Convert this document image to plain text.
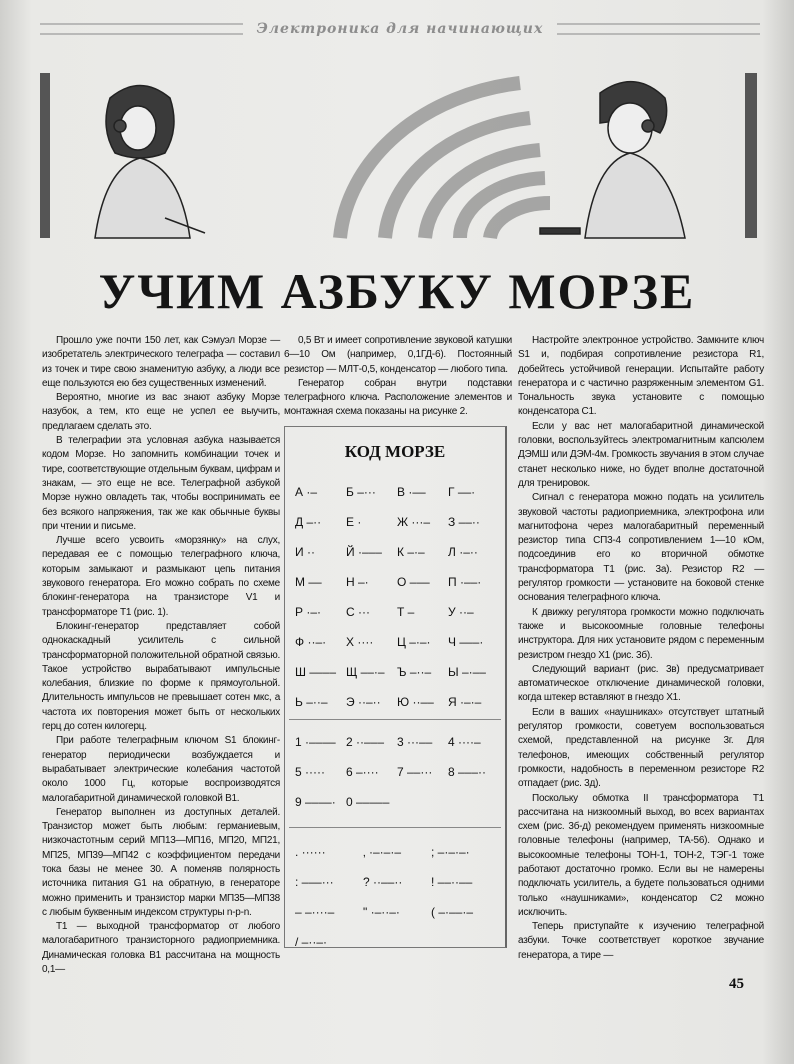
Электроника для начинающих
УЧИМ АЗБУКУ МОРЗЕ

Прошло уже почти 150 лет, как Сэмуэл Морзе — изобретатель электрического телеграфа — составил из точек и тире свою знаменитую азбуку, а люди все еще пользуются ею без существенных изменений.

Вероятно, многие из вас знают азбуку Морзе назубок, а тем, кто еще не успел ее выучить, предлагаем сделать это.

В телеграфии эта условная азбука называется кодом Морзе. Но запомнить комбинации точек и тире, соответствующие отдельным буквам, цифрам и знакам, — это еще не все. Телеграфной азбукой Морзе нужно овладеть так, чтобы воспринимать ее без всякого напряжения, так же как обычные буквы при чтении и письме.

Лучше всего усвоить «морзянку» на слух, передавая ее с помощью телеграфного ключа, которым замыкают и размыкают цепь питания звукового генератора. Его можно собрать по схеме блокинг-генератора на транзисторе V1 и трансформаторе T1 (рис. 1).

Блокинг-генератор представляет собой однокаскадный усилитель с сильной трансформаторной положительной обратной связью. Такое устройство вырабатывают импульсные колебания, близкие по форме к прямоугольной. Длительность импульсов не превышает сотен мкс, а частота их повторения может быть от нескольких герц до сотен килогерц.

При работе телеграфным ключом S1 блокинг-генератор периодически возбуждается и вырабатывает электрические колебания частотой около 1000 Гц, которые воспроизводятся малогабаритной динамической головкой B1.

Генератор выполнен из доступных деталей. Транзистор может быть любым: германиевым, низкочастотным серий МП13—МП16, МП20, МП21, МП25, МП39—МП42 с коэффициентом передачи тока базы не менее 30. А поменяв полярность источника питания G1 на обратную, в генераторе можно применить и транзистор марки МП35—МП38 с любым буквенным индексом структуры n-p-n.

T1 — выходной трансформатор от любого малогабаритного транзисторного радиоприемника. Динамическая головка B1 рассчитана на мощность 0,1—

0,5 Вт и имеет сопротивление звуковой катушки 6—10 Ом (например, 0,1ГД-6). Постоянный резистор — МЛТ-0,5, конденсатор — любого типа.

Генератор собран внутри подставки телеграфного ключа. Расположение элементов и монтажная схема показаны на рисунке 2.

КОД МОРЗЕ
А ·–	Б –···	В ·––	Г ––·
Д –··	Е ·	Ж ···–	З ––··
И ··	Й ·–––	К –·–	Л ·–··
М ––	Н –·	О –––	П ·––·
Р ·–·	С ···	Т –	У ··–
Ф ··–·	Х ····	Ц –·–·	Ч –––·
Ш –––– Щ ––·–	Ъ –··–	Ы –·––
Ь –··–	Э ··–··	Ю ··––	Я ·–·–
1 ·–––– 2 ··–––	3 ···––	4 ····–
5 ·····	6 –····	7 ––···	8 –––··
9 ––––· 0 –––––
. ······	‚ ·–·–·–	; –·–·–·
: –––···	? ··––··	! ––··––
– –····–	" ·–··–·	( –·––·–
/ –··–·

Настройте электронное устройство. Замкните ключ S1 и, подбирая сопротивление резистора R1, добейтесь устойчивой генерации. Испытайте работу генератора и с частично разряженным элементом G1. Тональность звука установите с помощью конденсатора C1.

Если у вас нет малогабаритной динамической головки, воспользуйтесь электромагнитным капсюлем ДЭМШ или ДЭМ-4м. Громкость звучания в этом случае станет несколько ниже, но будет вполне достаточной для тренировок.

Сигнал с генератора можно подать на усилитель звуковой частоты радиоприемника, электрофона или магнитофона через малогабаритный переменный резистор типа СП3-4 сопротивлением 1—10 кОм, подсоединив его ко вторичной обмотке трансформатора T1 (рис. 3а). Резистор R2 — регулятор громкости — установите на боковой стенке основания телеграфного ключа.

К движку регулятора громкости можно подключать также и высокоомные головные телефоны инструктора. Для них установите рядом с переменным резистром гнездо X1 (рис. 3б).

Следующий вариант (рис. 3в) предусматривает автоматическое отключение динамической головки, когда штекер вставляют в гнездо X1.

Если в ваших «наушниках» отсутствует штатный регулятор громкости, советуем воспользоваться схемой, представленной на рисунке 3г. Для телефонов, имеющих собственный регулятор громкости, надобность в переменном резисторе R2 отпадает (рис. 3д).

Поскольку обмотка II трансформатора T1 рассчитана на низкоомный выход, во всех вариантах схем (рис. 3б-д) рекомендуем применять низкоомные головные телефоны (например, ТА-56). Однако и высокоомные телефоны ТОН-1, ТОН-2, ТЭГ-1 тоже работают достаточно громко. Если вы не намерены подключать усилитель, а будете пользоваться одними только «наушниками», конденсатор C2 можно исключить.

Теперь приступайте к изучению телеграфной азбуки. Точке соответствует короткое звучание генератора, а тире —

45
